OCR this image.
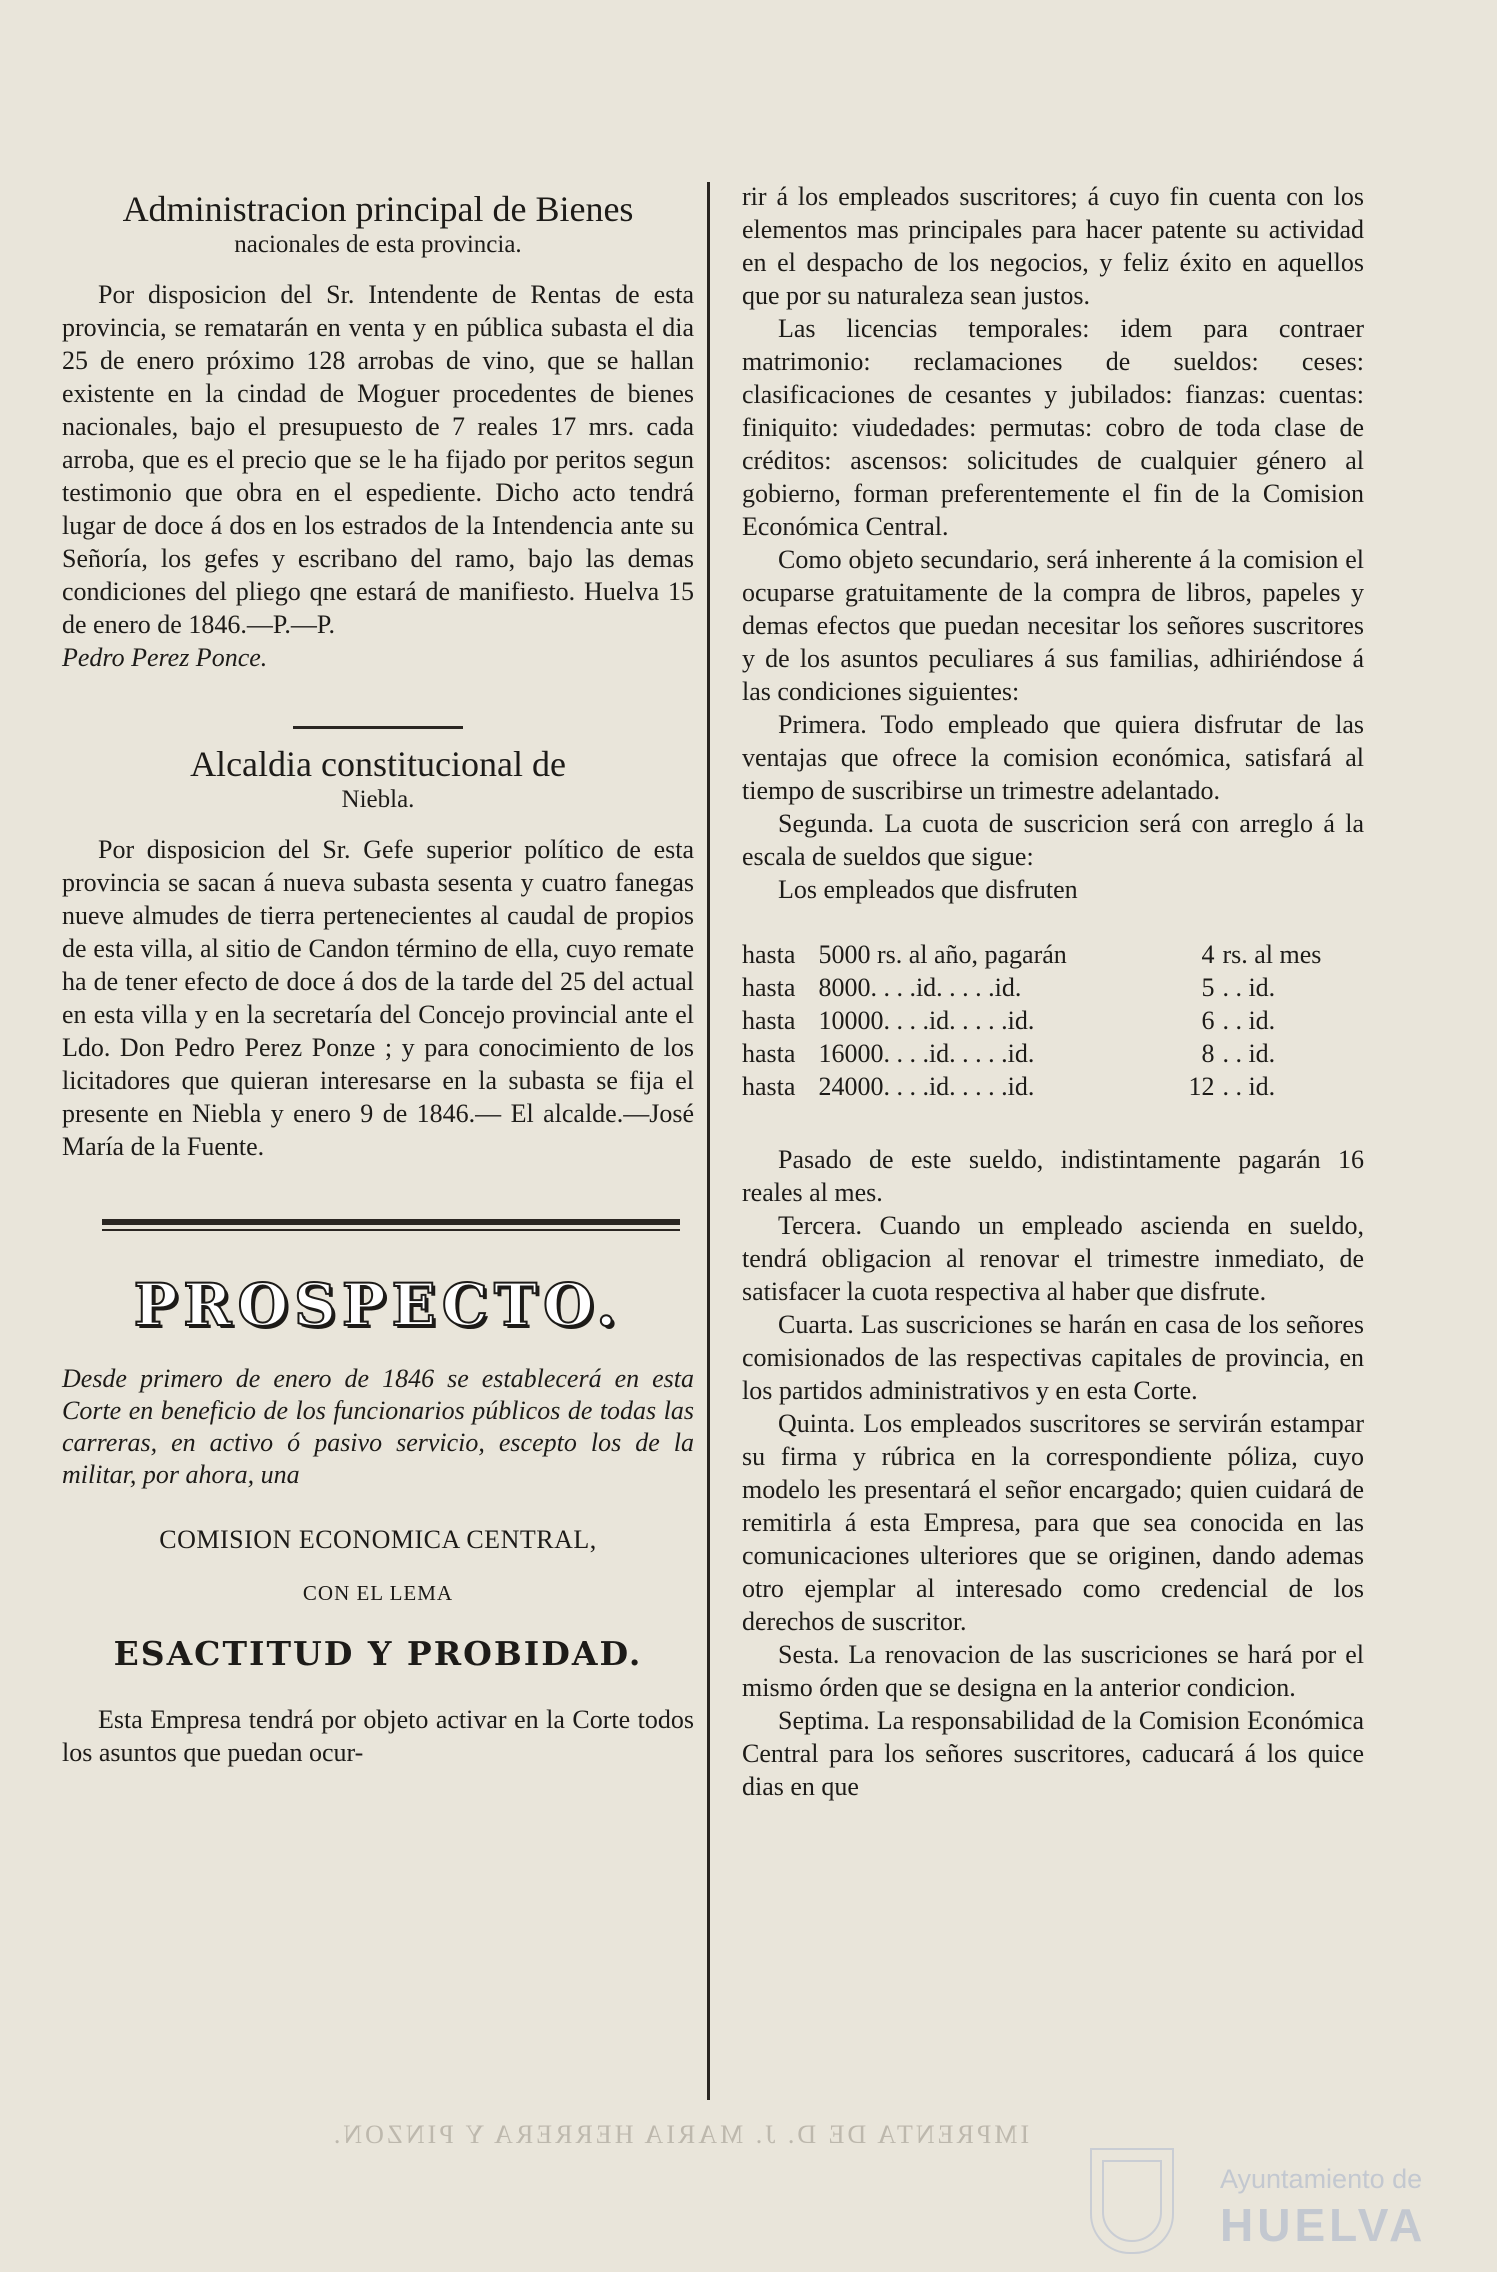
Administracion principal de Bienes
nacionales de esta provincia.

Por disposicion del Sr. Intendente de Rentas de esta provincia, se rematarán en venta y en pública subasta el dia 25 de enero próximo 128 arrobas de vino, que se hallan existente en la cindad de Moguer procedentes de bienes nacionales, bajo el presupuesto de 7 reales 17 mrs. cada arroba, que es el precio que se le ha fijado por peritos segun testimonio que obra en el espediente. Dicho acto tendrá lugar de doce á dos en los estrados de la Intendencia ante su Señoría, los gefes y escribano del ramo, bajo las demas condiciones del pliego qne estará de manifiesto. Huelva 15 de enero de 1846.—P.—P.

Pedro Perez Ponce.

Alcaldia constitucional de
Niebla.

Por disposicion del Sr. Gefe superior político de esta provincia se sacan á nueva subasta sesenta y cuatro fanegas nueve almudes de tierra pertenecientes al caudal de propios de esta villa, al sitio de Candon término de ella, cuyo remate ha de tener efecto de doce á dos de la tarde del 25 del actual en esta villa y en la secretaría del Concejo provincial ante el Ldo. Don Pedro Perez Ponze ; y para conocimiento de los licitadores que quieran interesarse en la subasta se fija el presente en Niebla y enero 9 de 1846.— El alcalde.—José María de la Fuente.

PROSPECTO.

Desde primero de enero de 1846 se establecerá en esta Corte en beneficio de los funcionarios públicos de todas las carreras, en activo ó pasivo servicio, escepto los de la militar, por ahora, una

COMISION ECONOMICA CENTRAL,
CON EL LEMA
ESACTITUD Y PROBIDAD.

Esta Empresa tendrá por objeto activar en la Corte todos los asuntos que puedan ocur-

rir á los empleados suscritores; á cuyo fin cuenta con los elementos mas principales para hacer patente su actividad en el despacho de los negocios, y feliz éxito en aquellos que por su naturaleza sean justos.

Las licencias temporales: idem para contraer matrimonio: reclamaciones de sueldos: ceses: clasificaciones de cesantes y jubilados: fianzas: cuentas: finiquito: viudedades: permutas: cobro de toda clase de créditos: ascensos: solicitudes de cualquier género al gobierno, forman preferentemente el fin de la Comision Económica Central.

Como objeto secundario, será inherente á la comision el ocuparse gratuitamente de la compra de libros, papeles y demas efectos que puedan necesitar los señores suscritores y de los asuntos peculiares á sus familias, adhiriéndose á las condiciones siguientes:

Primera. Todo empleado que quiera disfrutar de las ventajas que ofrece la comision económica, satisfará al tiempo de suscribirse un trimestre adelantado.

Segunda. La cuota de suscricion será con arreglo á la escala de sueldos que sigue:

Los empleados que disfruten

hasta	5000 rs. al año, pagarán	4	rs. al mes
hasta	8000. . . .id. . . . .id.	5	. . id.
hasta	10000. . . .id. . . . .id.	6	. . id.
hasta	16000. . . .id. . . . .id.	8	. . id.
hasta	24000. . . .id. . . . .id.	12	. . id.

Pasado de este sueldo, indistintamente pagarán 16 reales al mes.

Tercera. Cuando un empleado ascienda en sueldo, tendrá obligacion al renovar el trimestre inmediato, de satisfacer la cuota respectiva al haber que disfrute.

Cuarta. Las suscriciones se harán en casa de los señores comisionados de las respectivas capitales de provincia, en los partidos administrativos y en esta Corte.

Quinta. Los empleados suscritores se servirán estampar su firma y rúbrica en la correspondiente póliza, cuyo modelo les presentará el señor encargado; quien cuidará de remitirla á esta Empresa, para que sea conocida en las comunicaciones ulteriores que se originen, dando ademas otro ejemplar al interesado como credencial de los derechos de suscritor.

Sesta. La renovacion de las suscriciones se hará por el mismo órden que se designa en la anterior condicion.

Septima. La responsabilidad de la Comision Económica Central para los señores suscritores, caducará á los quice dias en que

IMPRENTA DE D. J. MARIA HERRERA Y PINZON.
Ayuntamiento de
HUELVA
